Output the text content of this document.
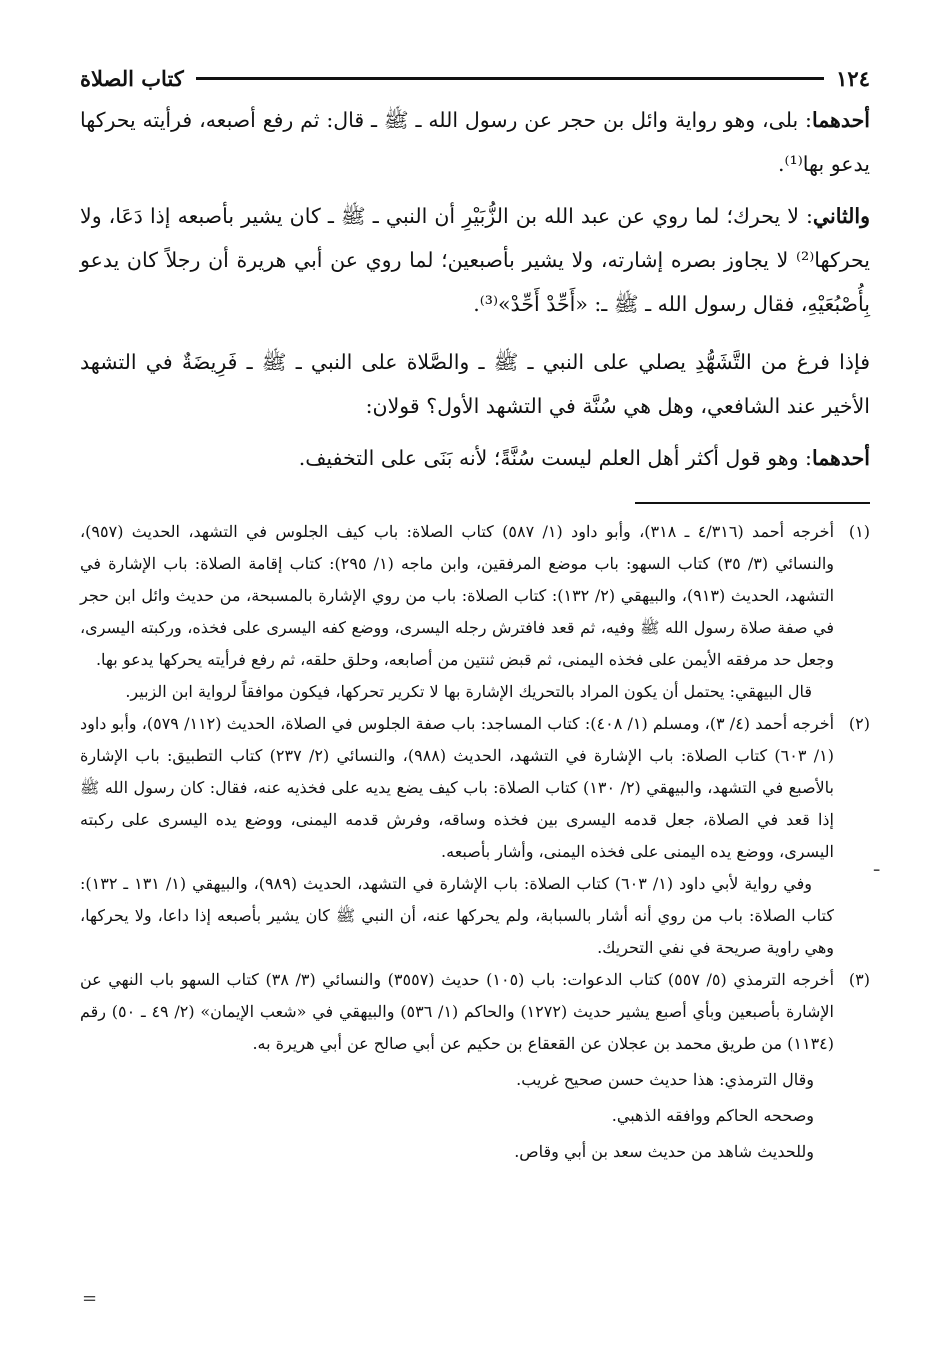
١٢٤
كتاب الصلاة

أحدهما: بلى، وهو رواية وائل بن حجر عن رسول الله ـ ﷺ ـ قال: ثم رفع أصبعه، فرأيته يحركها يدعو بها⁽¹⁾.

والثاني: لا يحرك؛ لما روي عن عبد الله بن الزُّبَيْرِ أن النبي ـ ﷺ ـ كان يشير بأصبعه إذا دَعَا، ولا يحركها⁽²⁾ لا يجاوز بصره إشارته، ولا يشير بأصبعين؛ لما روي عن أبي هريرة أن رجلاً كان يدعو بِأُصْبُعَيْهِ، فقال رسول الله ـ ﷺ ـ: «أَحِّدْ أَحِّدْ»⁽³⁾.

فإذا فرغ من التَّشَهُّدِ يصلي على النبي ـ ﷺ ـ والصَّلاة على النبي ـ ﷺ ـ فَرِيضَةٌ في التشهد الأخير عند الشافعي، وهل هي سُنَّة في التشهد الأول؟ قولان:

أحدهما: وهو قول أكثر أهل العلم ليست سُنَّةً؛ لأنه بَنَى على التخفيف.

(١)
أخرجه أحمد (٤/٣١٦ ـ ٣١٨)، وأبو داود (١/ ٥٨٧) كتاب الصلاة: باب كيف الجلوس في التشهد، الحديث (٩٥٧)، والنسائي (٣/ ٣٥) كتاب السهو: باب موضع المرفقين، وابن ماجه (١/ ٢٩٥): كتاب إقامة الصلاة: باب الإشارة في التشهد، الحديث (٩١٣)، والبيهقي (٢/ ١٣٢): كتاب الصلاة: باب من روي الإشارة بالمسبحة، من حديث وائل ابن حجر في صفة صلاة رسول الله ﷺ وفيه، ثم قعد فافترش رجله اليسرى، ووضع كفه اليسرى على فخذه، وركبته اليسرى، وجعل حد مرفقه الأيمن على فخذه اليمنى، ثم قبض ثنتين من أصابعه، وحلق حلقه، ثم رفع فرأيته يحركها يدعو بها.

قال البيهقي: يحتمل أن يكون المراد بالتحريك الإشارة بها لا تكرير تحركها، فيكون موافقاً لرواية ابن الزبير.

(٢)
أخرجه أحمد (٤/ ٣)، ومسلم (١/ ٤٠٨): كتاب المساجد: باب صفة الجلوس في الصلاة، الحديث (١١٢/ ٥٧٩)، وأبو داود (١/ ٦٠٣) كتاب الصلاة: باب الإشارة في التشهد، الحديث (٩٨٨)، والنسائي (٢/ ٢٣٧) كتاب التطبيق: باب الإشارة بالأصبع في التشهد، والبيهقي (٢/ ١٣٠) كتاب الصلاة: باب كيف يضع يديه على فخذيه عنه، فقال: كان رسول الله ﷺ إذا قعد في الصلاة، جعل قدمه اليسرى بين فخذه وساقه، وفرش قدمه اليمنى، ووضع يده اليسرى على ركبته اليسرى، ووضع يده اليمنى على فخذه اليمنى، وأشار بأصبعه.

وفي رواية لأبي داود (١/ ٦٠٣) كتاب الصلاة: باب الإشارة في التشهد، الحديث (٩٨٩)، والبيهقي (١/ ١٣١ ـ ١٣٢): كتاب الصلاة: باب من روي أنه أشار بالسبابة، ولم يحركها عنه، أن النبي ﷺ كان يشير بأصبعه إذا داعا، ولا يحركها، وهي راوية صريحة في نفي التحريك.

(٣)
أخرجه الترمذي (٥/ ٥٥٧) كتاب الدعوات: باب (١٠٥) حديث (٣٥٥٧) والنسائي (٣/ ٣٨) كتاب السهو باب النهي عن الإشارة بأصبعين وبأي أصبع يشير حديث (١٢٧٢) والحاكم (١/ ٥٣٦) والبيهقي في «شعب الإيمان» (٢/ ٤٩ ـ ٥٠) رقم (١١٣٤) من طريق محمد بن عجلان عن القعقاع بن حكيم عن أبي صالح عن أبي هريرة به.
وقال الترمذي: هذا حديث حسن صحيح غريب.
وصححه الحاكم ووافقه الذهبي.
وللحديث شاهد من حديث سعد بن أبي وقاص.
=
ـ
